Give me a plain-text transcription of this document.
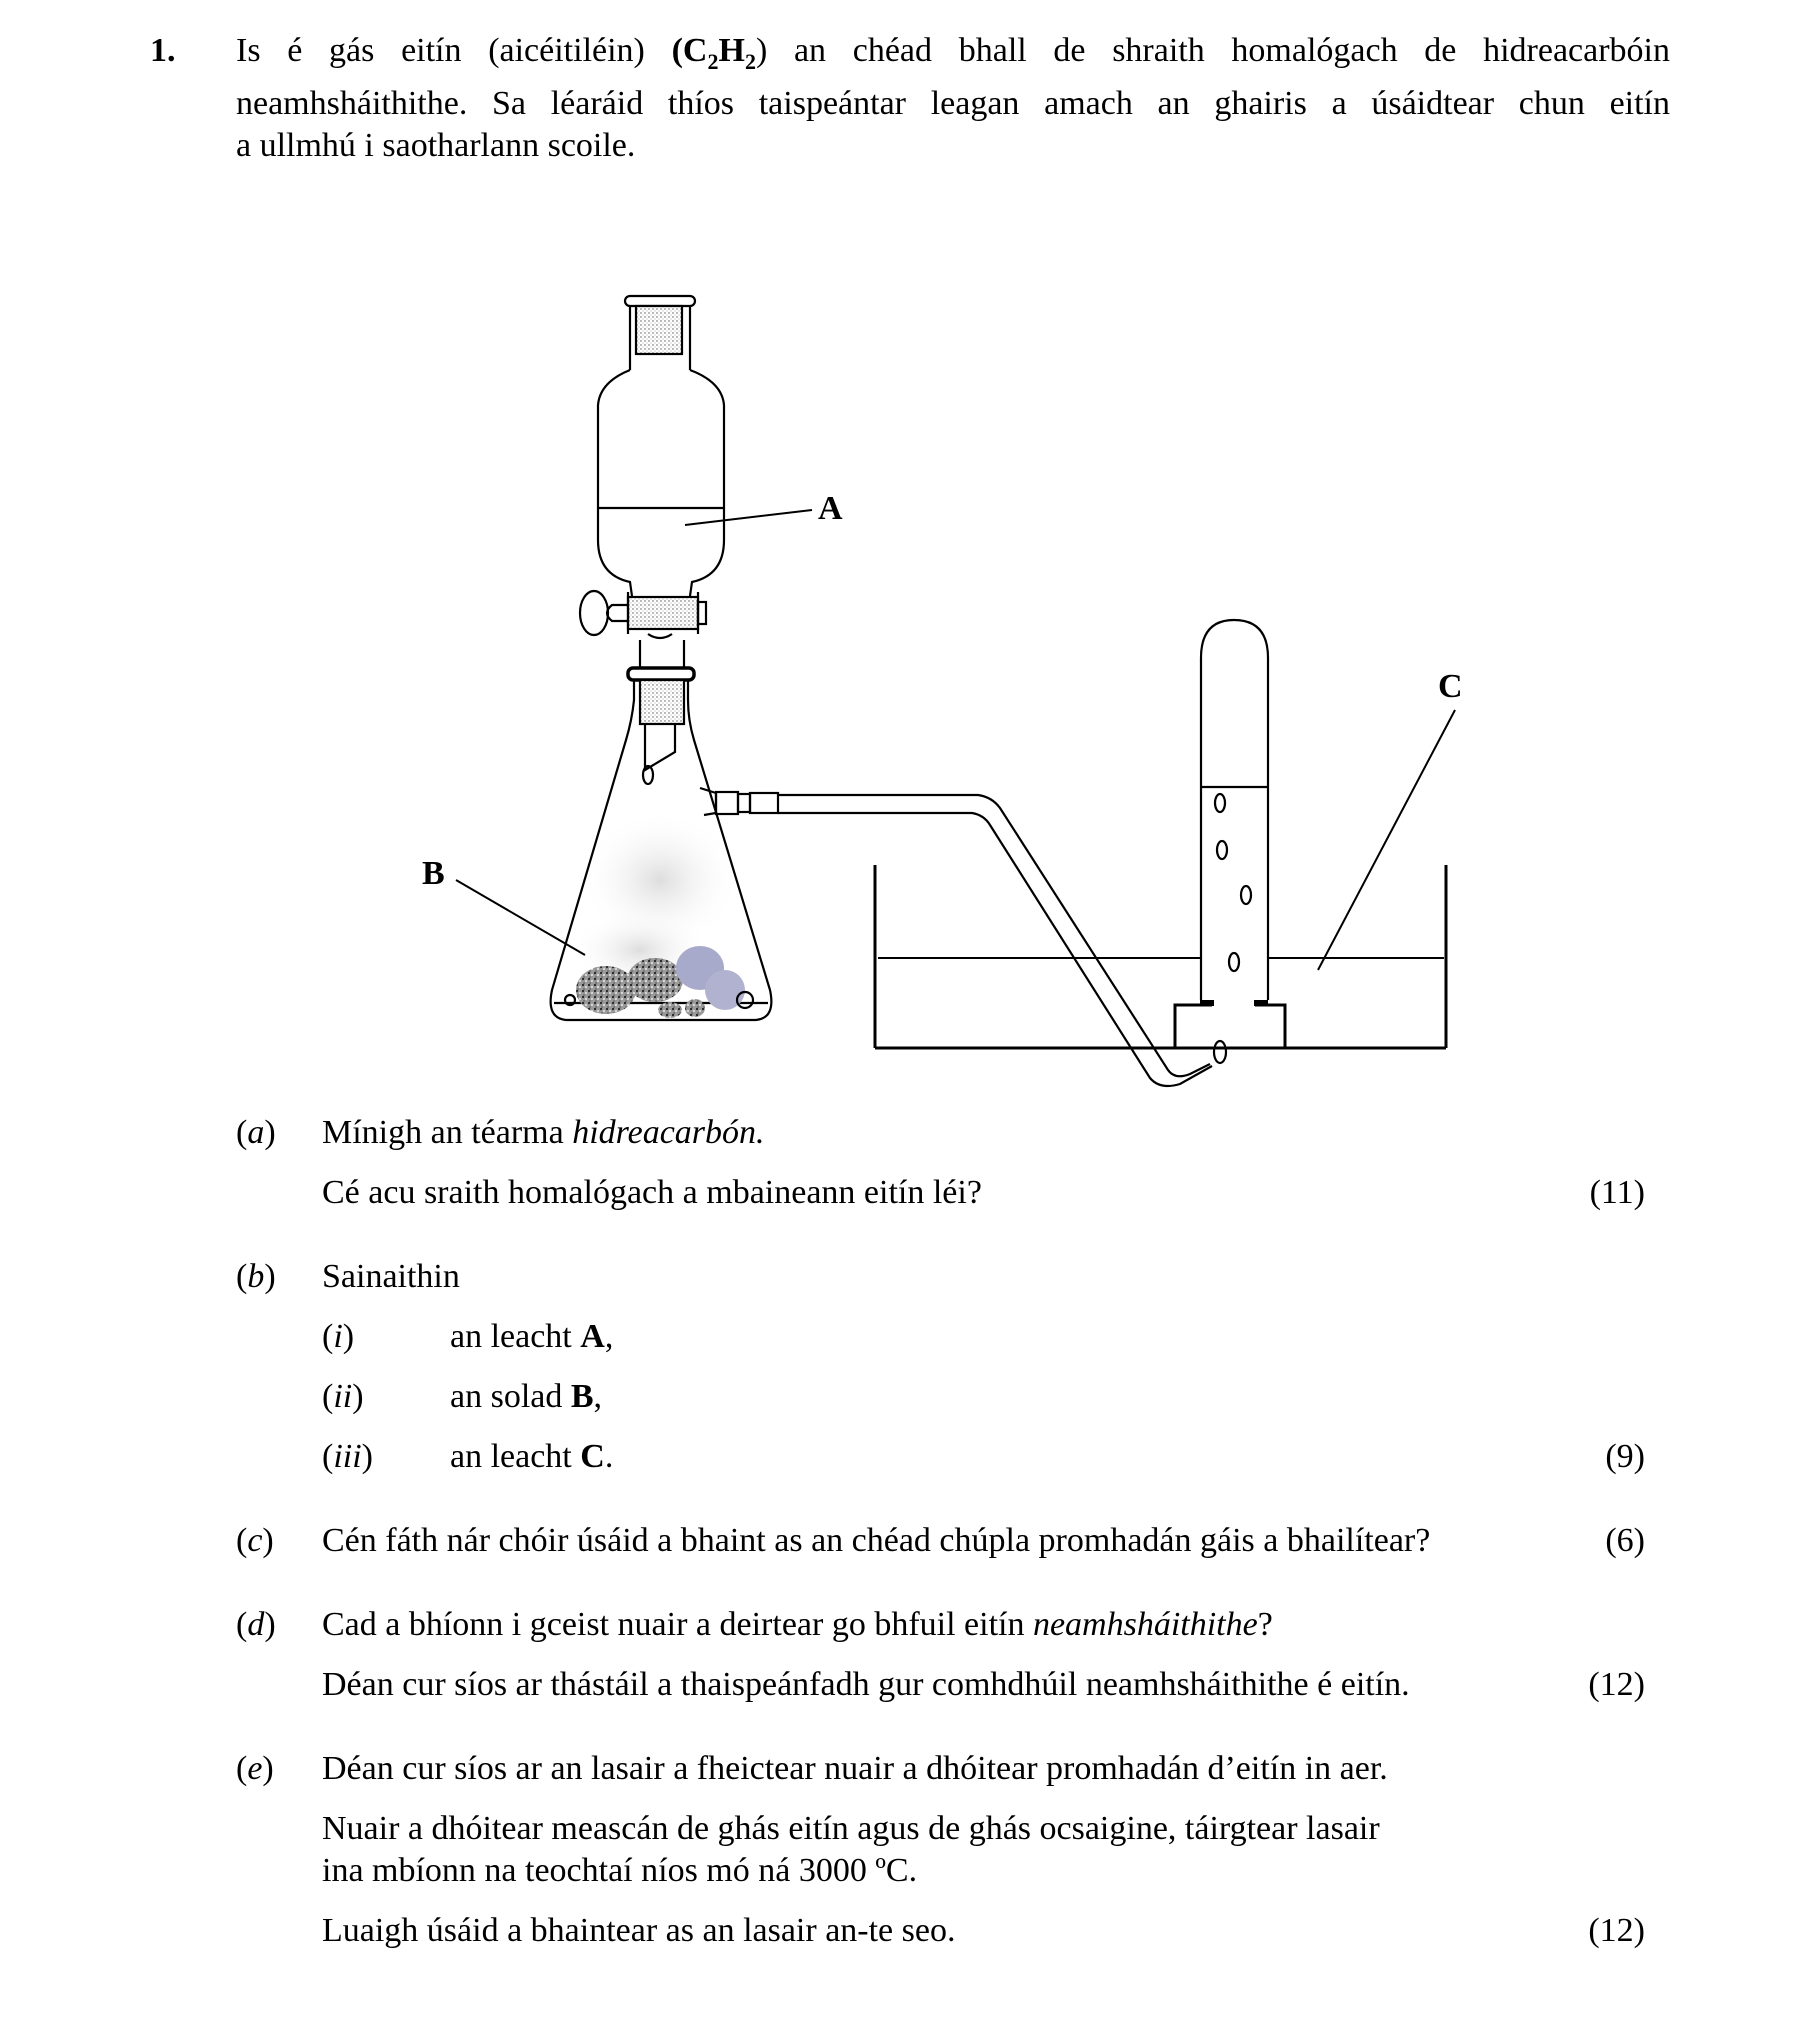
1. Is é gás eitín (aicéitiléin) $(C_2H_2)$ an chéad bhall de shraith homalógach de hidreacarbóin
neamhsháithithe. Sa léaráid thíos taispeántar leagan amach an ghairis a úsáidtear chun eitín
a ullmhú i saotharlann scoile.
A
B
C
(a) Mínigh an téarma hidreacarbón.
Cé acu sraith homalógach a mbaineann eitín léi?	(11)
(b) Sainaithin
(i)	an leacht A,
(ii)	an solad B,
(iii) an leacht C.	(9)
(c) Cén fáth nár chóir úsáid a bhaint as an chéad chúpla promhadán gáis a bhailítear?	(6)
(d) Cad a bhíonn i gceist nuair a deirtear go bhfuil eitín neamhsháithithe?
Déan cur síos ar thástáil a thaispeánfadh gur comhdhúil neamhsháithithe é eitín.	(12)
(e) Déan cur síos ar an lasair a fheictear nuair a dhóitear promhadán d’eitín in aer.
Nuair a dhóitear meascán de ghás eitín agus de ghás ocsaigine, táirgtear lasair
ina mbíonn na teochtaí níos mó ná 3000 ºC.
Luaigh úsáid a bhaintear as an lasair an-te seo.	(12)
